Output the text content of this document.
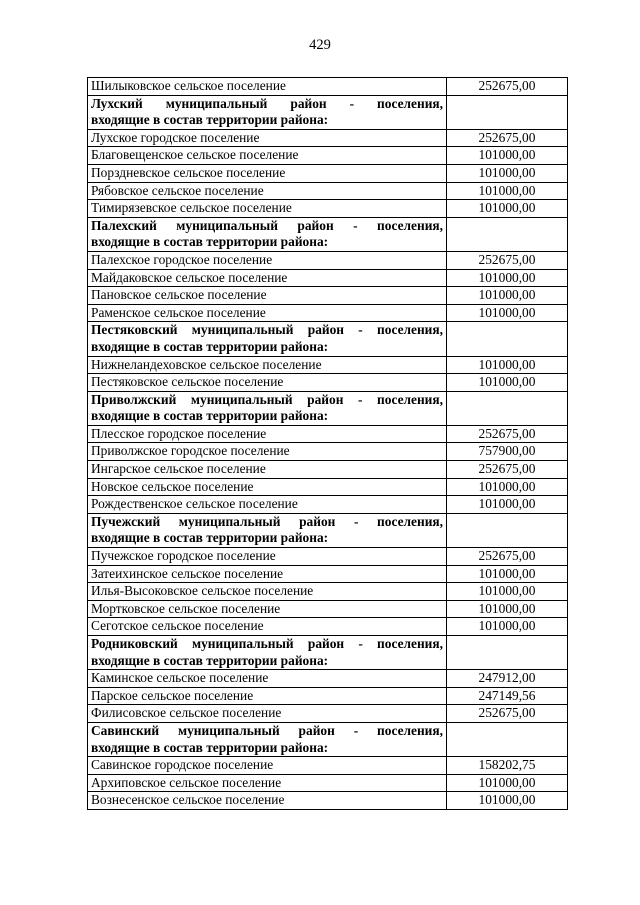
429
Шилыковское сельское поселение	252675,00

Лухский муниципальный район - поселения,
входящие в состав территории района:	

Лухское городское поселение	252675,00
Благовещенское сельское поселение	101000,00
Порздневское сельское поселение	101000,00
Рябовское сельское поселение	101000,00
Тимирязевское сельское поселение	101000,00

Палехский муниципальный район - поселения,
входящие в состав территории района:	

Палехское городское поселение	252675,00
Майдаковское сельское поселение	101000,00
Пановское сельское поселение	101000,00
Раменское сельское поселение	101000,00

Пестяковский муниципальный район - поселения,
входящие в состав территории района:	

Нижнеландеховское сельское поселение	101000,00
Пестяковское сельское поселение	101000,00

Приволжский муниципальный район - поселения,
входящие в состав территории района:	

Плесское городское поселение	252675,00
Приволжское городское поселение	757900,00
Ингарское сельское поселение	252675,00
Новское сельское поселение	101000,00
Рождественское сельское поселение	101000,00

Пучежский муниципальный район - поселения,
входящие в состав территории района:	

Пучежское городское поселение	252675,00
Затеихинское сельское поселение	101000,00
Илья-Высоковское сельское поселение	101000,00
Мортковское сельское поселение	101000,00
Сеготское сельское поселение	101000,00

Родниковский муниципальный район - поселения,
входящие в состав территории района:	

Каминское сельское поселение	247912,00
Парское сельское поселение	247149,56
Филисовское сельское поселение	252675,00

Савинский муниципальный район - поселения,
входящие в состав территории района:	

Савинское городское поселение	158202,75
Архиповское сельское поселение	101000,00
Вознесенское сельское поселение	101000,00
